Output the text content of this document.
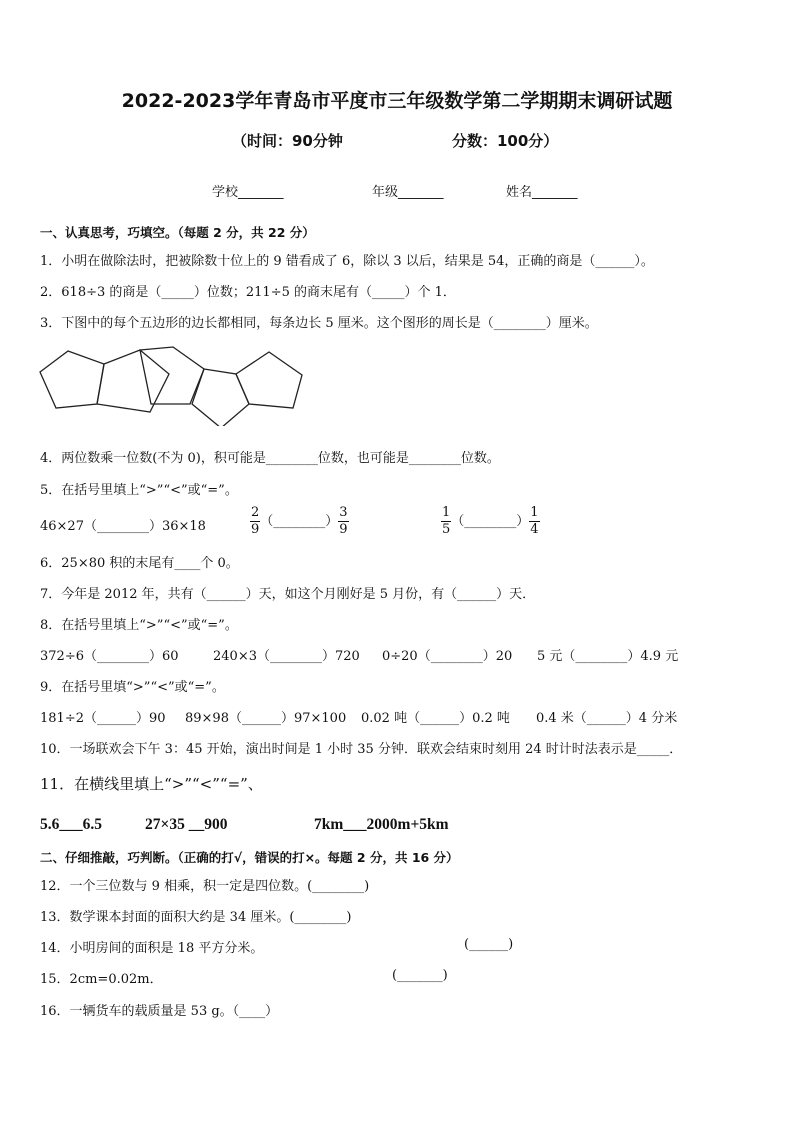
2022-2023学年青岛市平度市三年级数学第二学期期末调研试题
（时间：90分钟	分数：100分）
学校_______	年级_______	姓名_______
一、认真思考，巧填空。（每题 2 分，共 22 分）
1．小明在做除法时，把被除数十位上的 9 错看成了 6，除以 3 以后，结果是 54，正确的商是（______）。
2．618÷3 的商是（_____）位数；211÷5 的商末尾有（_____）个 1．
3．下图中的每个五边形的边长都相同，每条边长 5 厘米。这个图形的周长是（________）厘米。
4．两位数乘一位数(不为 0)，积可能是________位数，也可能是________位数。
5．在括号里填上“>”“<”或“=”。
46×27（________）36×18	$\frac{2}{9}$ （________） $\frac{3}{9}$	$\frac{1}{5}$ （________） $\frac{1}{4}$
6．25×80 积的末尾有____个 0。
7．今年是 2012 年，共有（______）天，如这个月刚好是 5 月份，有（______）天．
8．在括号里填上“>”“<”或“=”。
372÷6（________）60	240×3（________）720 0÷20（________）20 5 元（________）4.9 元
9．在括号里填“>”“<”或“=”。
181÷2（______）90 89×98（______）97×100 0.02 吨（______）0.2 吨 0.4 米（______）4 分米
10．一场联欢会下午 3：45 开始，演出时间是 1 小时 35 分钟．联欢会结束时刻用 24 时计时法表示是_____．
11．在横线里填上“>”“<”“=”、
5.6___6.5	27×35 __900	7km___2000m+5km
二、仔细推敲，巧判断。（正确的打√，错误的打×。每题 2 分，共 16 分）
12．一个三位数与 9 相乘，积一定是四位数。(________)
13．数学课本封面的面积大约是 34 厘米。(________)
14．小明房间的面积是 18 平方分米。	(______)
15．2cm=0.02m．	(_______)
16．一辆货车的载质量是 53 g。（____）
